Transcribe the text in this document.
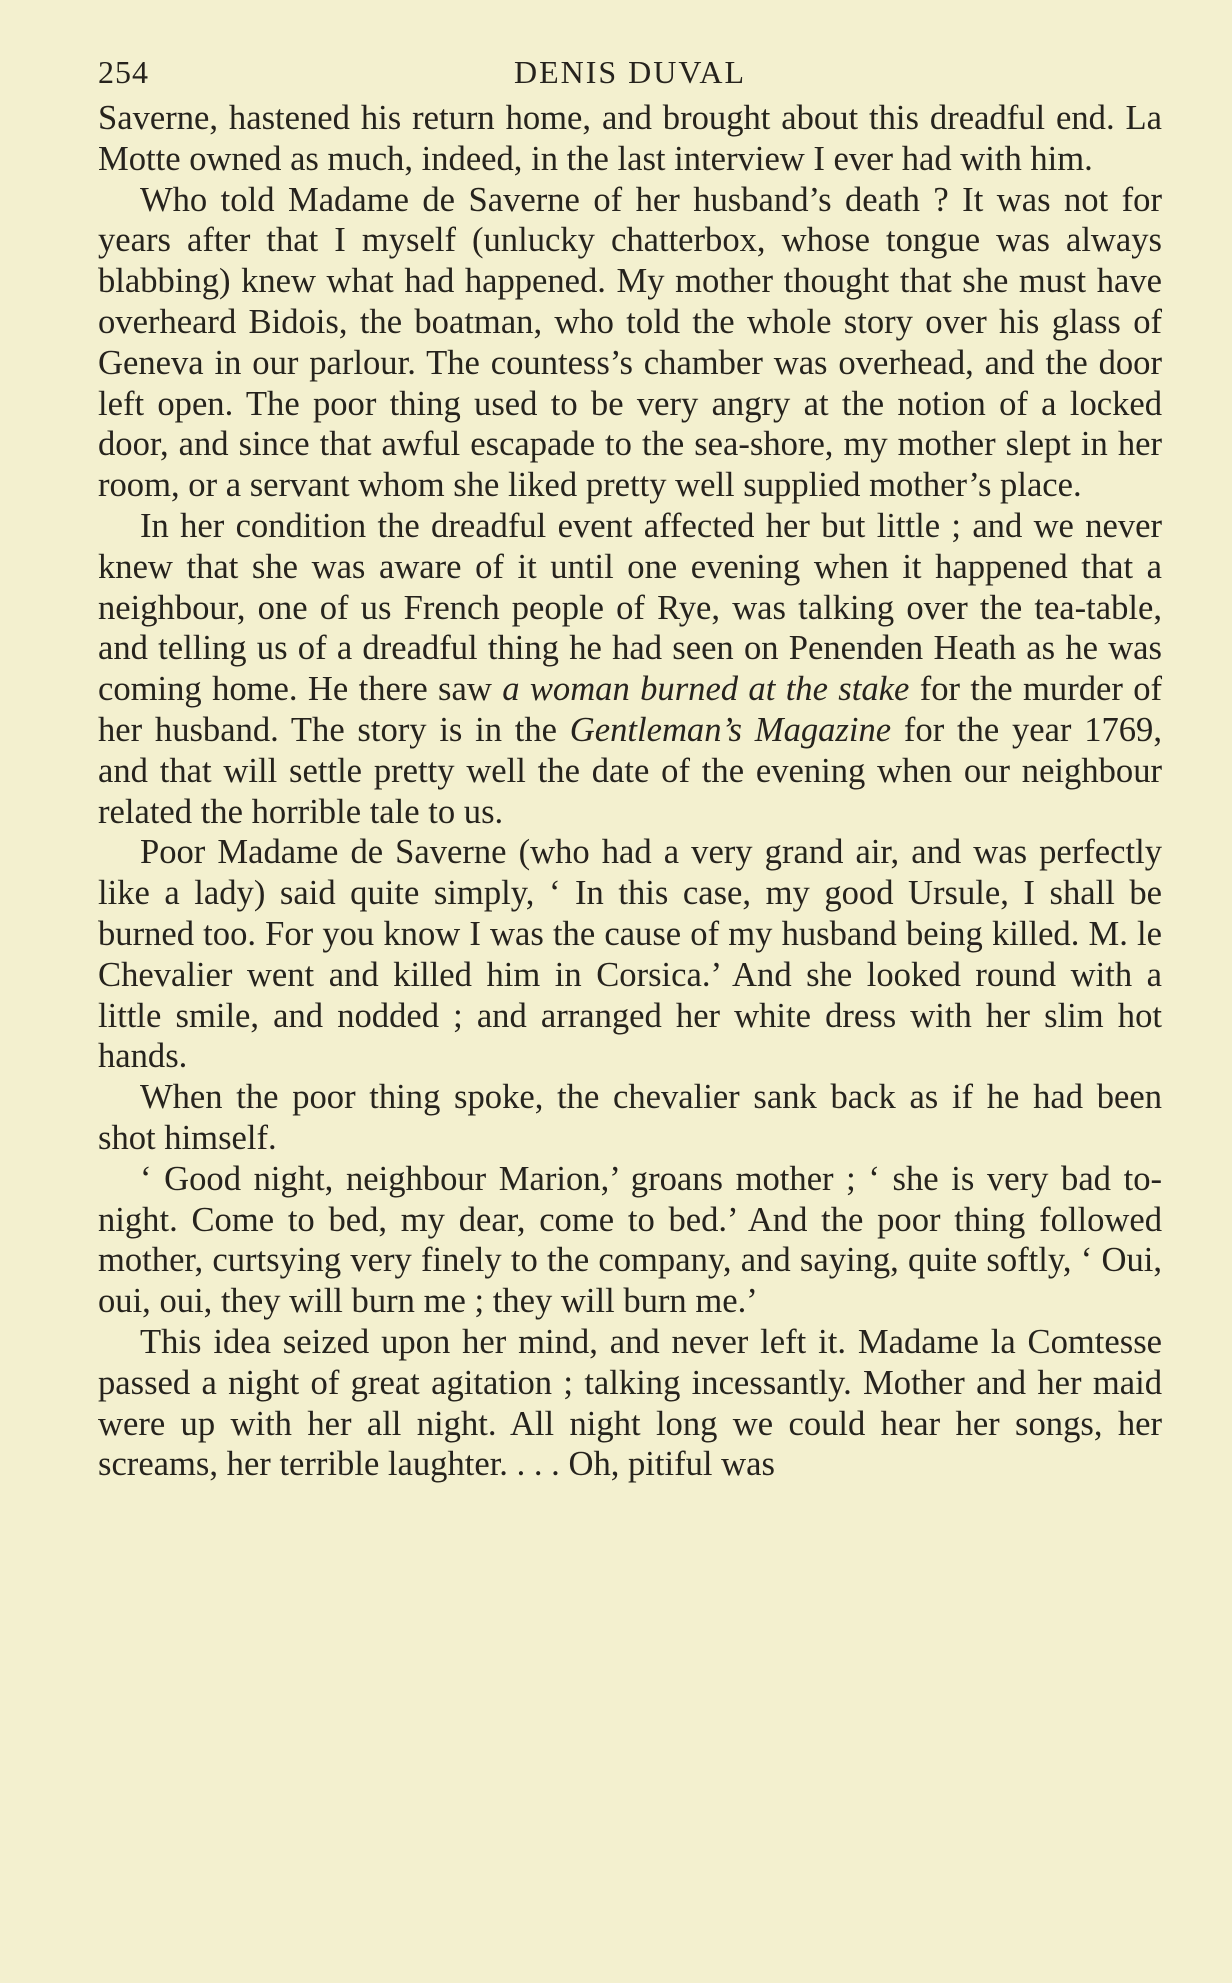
254	DENIS DUVAL

Saverne, hastened his return home, and brought about this dreadful end. La Motte owned as much, indeed, in the last interview I ever had with him.

Who told Madame de Saverne of her husband’s death ? It was not for years after that I myself (unlucky chatterbox, whose tongue was always blabbing) knew what had happened. My mother thought that she must have overheard Bidois, the boatman, who told the whole story over his glass of Geneva in our parlour. The countess’s chamber was overhead, and the door left open. The poor thing used to be very angry at the notion of a locked door, and since that awful escapade to the sea-shore, my mother slept in her room, or a servant whom she liked pretty well supplied mother’s place.

In her condition the dreadful event affected her but little ; and we never knew that she was aware of it until one evening when it happened that a neighbour, one of us French people of Rye, was talking over the tea-table, and telling us of a dreadful thing he had seen on Penenden Heath as he was coming home. He there saw a woman burned at the stake for the murder of her husband. The story is in the Gentleman’s Magazine for the year 1769, and that will settle pretty well the date of the evening when our neighbour related the horrible tale to us.

Poor Madame de Saverne (who had a very grand air, and was perfectly like a lady) said quite simply, ‘ In this case, my good Ursule, I shall be burned too. For you know I was the cause of my husband being killed. M. le Chevalier went and killed him in Corsica.’ And she looked round with a little smile, and nodded ; and arranged her white dress with her slim hot hands.

When the poor thing spoke, the chevalier sank back as if he had been shot himself.

‘ Good night, neighbour Marion,’ groans mother ; ‘ she is very bad to-night. Come to bed, my dear, come to bed.’ And the poor thing followed mother, curtsying very finely to the company, and saying, quite softly, ‘ Oui, oui, oui, they will burn me ; they will burn me.’

This idea seized upon her mind, and never left it. Madame la Comtesse passed a night of great agitation ; talking incessantly. Mother and her maid were up with her all night. All night long we could hear her songs, her screams, her terrible laughter. . . . Oh, pitiful was
